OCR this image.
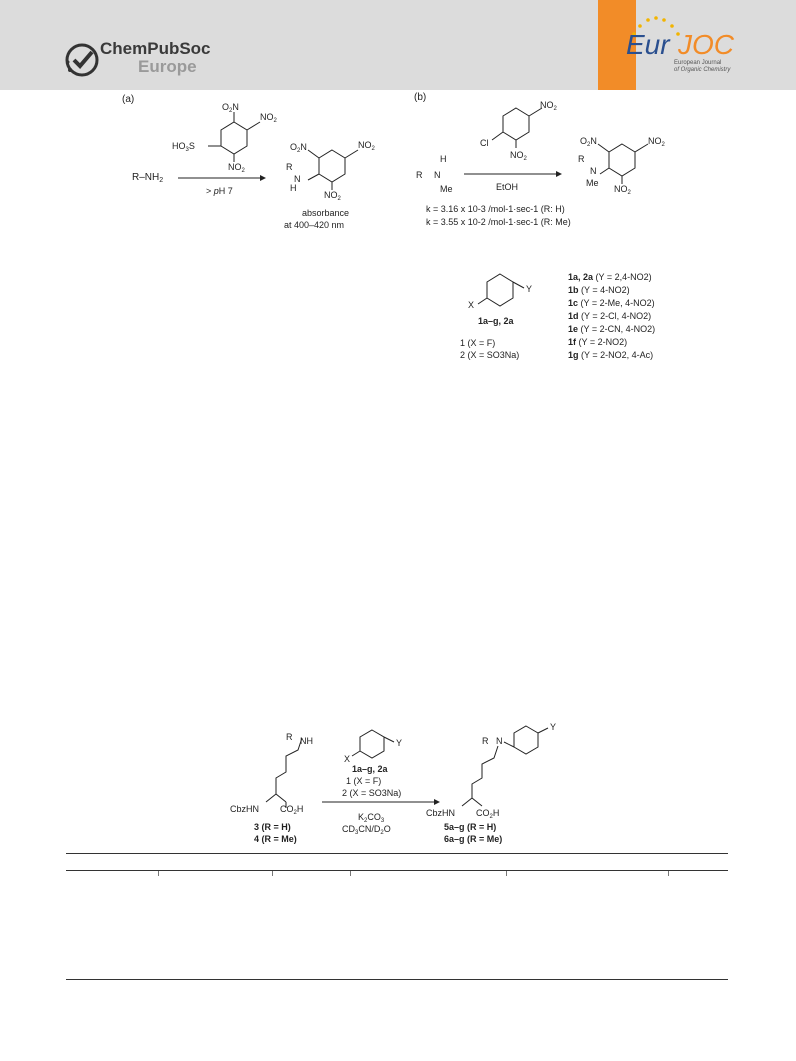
ChemPubSoc
Europe
Eur JOC
European Journal
of Organic Chemistry
(a)
$O_2N$
$NO_2$
$HO_3S$
$NO_2$
$R-NH_2$
> pH 7
$O_2N$	$NO_2$
R
N
H
$NO_2$
absorbance
at 400–420 nm
(b)
$NO_2$
Cl
$NO_2$
H
R N
Me	EtOH
$O_2N$	$NO_2$
R
N
Me
$NO_2$
k = 3.16 x 10-3 /mol-1·sec-1 (R: H)
k = 3.55 x 10-2 /mol-1·sec-1 (R: Me)
X
Y
1a–g, 2a
1 (X = F)
2 (X = SO3Na)
1a, 2a (Y = 2,4-NO2)
1b (Y = 4-NO2)
1c (Y = 2-Me, 4-NO2)
1d (Y = 2-Cl, 4-NO2)
1e (Y = 2-CN, 4-NO2)
1f (Y = 2-NO2)
1g (Y = 2-NO2, 4-Ac)
R NH
CbzHN $CO_2H$
3 (R = H)
4 (R = Me)
X
Y
1a–g, 2a
1 (X = F)
2 (X = SO3Na)
$K_2CO_3$
$CD_3CN/D_2O$
R N
Y
CbzHN $CO_2H$
5a–g (R = H)
6a–g (R = Me)
